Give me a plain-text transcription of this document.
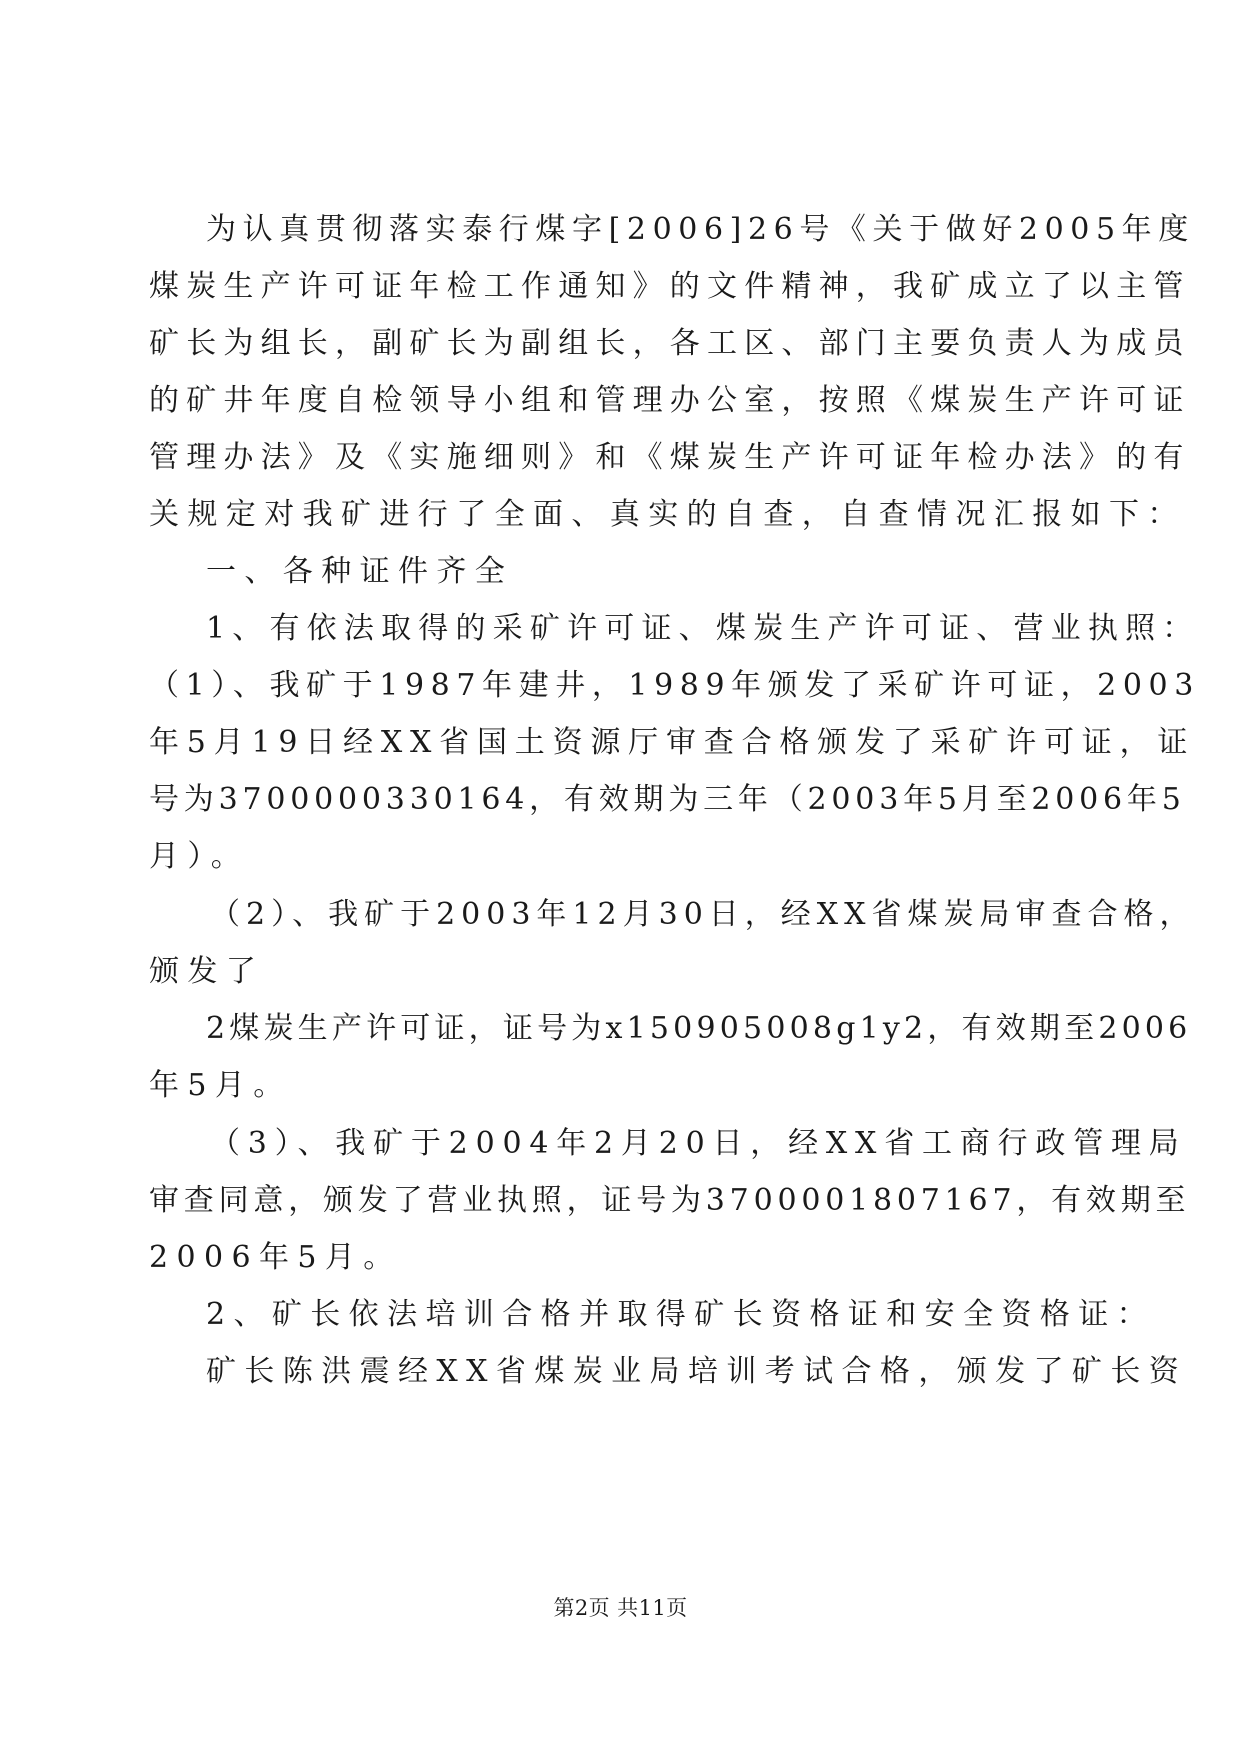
为认真贯彻落实泰行煤字[2006]26号《关于做好2005年度
煤炭生产许可证年检工作通知》的文件精神，我矿成立了以主管
矿长为组长，副矿长为副组长，各工区、部门主要负责人为成员
的矿井年度自检领导小组和管理办公室，按照《煤炭生产许可证
管理办法》及《实施细则》和《煤炭生产许可证年检办法》的有
关规定对我矿进行了全面、真实的自查，自查情况汇报如下：
一、各种证件齐全
1、有依法取得的采矿许可证、煤炭生产许可证、营业执照：
（1）、我矿于1987年建井，1989年颁发了采矿许可证，2003
年5月19日经XX省国土资源厅审查合格颁发了采矿许可证，证
号为3700000330164，有效期为三年（2003年5月至2006年5
月）。
（2）、我矿于2003年12月30日，经XX省煤炭局审查合格，
颁发了
2煤炭生产许可证，证号为x150905008g1y2，有效期至2006
年5月。
（3）、我矿于2004年2月20日，经XX省工商行政管理局
审查同意，颁发了营业执照，证号为3700001807167，有效期至
2006年5月。
2、矿长依法培训合格并取得矿长资格证和安全资格证：
矿长陈洪震经XX省煤炭业局培训考试合格，颁发了矿长资
第2页 共11页
